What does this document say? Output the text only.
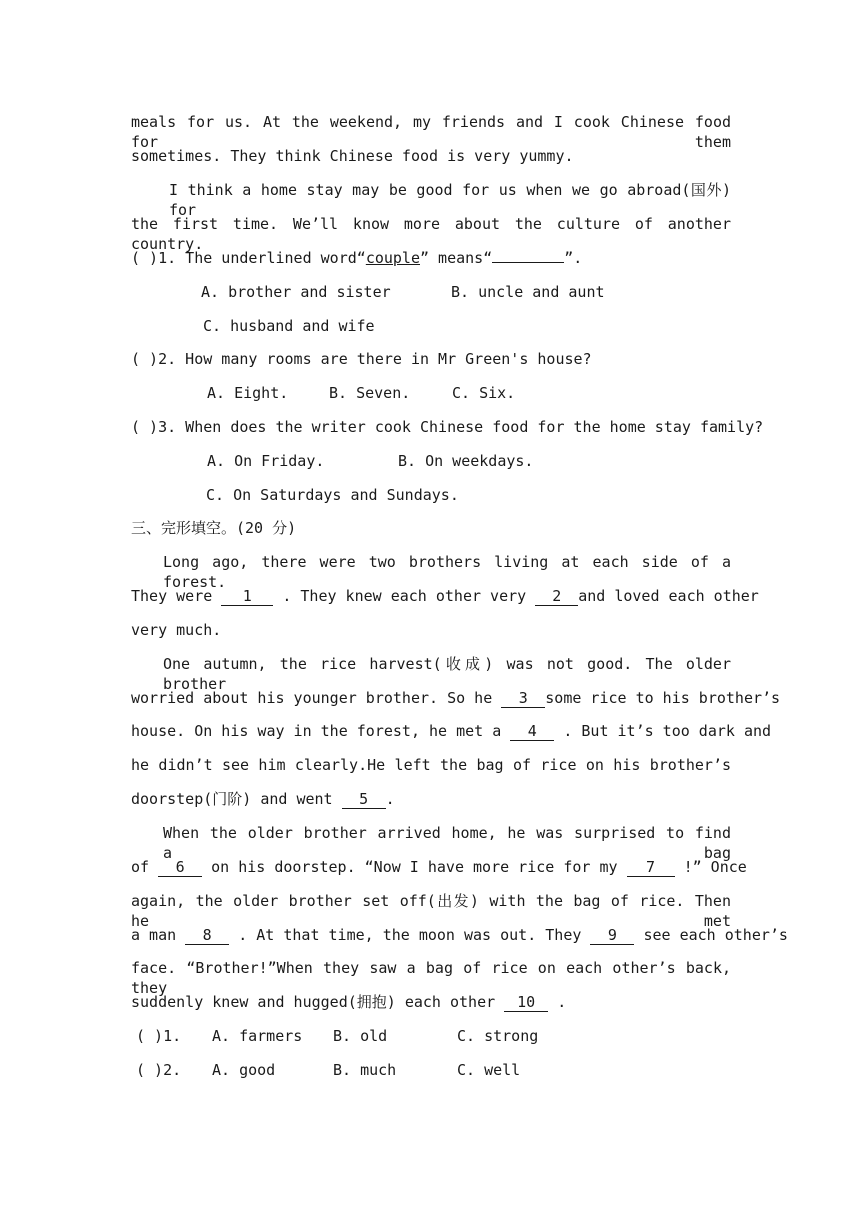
meals for us. At the weekend, my friends and I cook Chinese food for them
sometimes. They think Chinese food is very yummy.
I think a home stay may be good for us when we go abroad(国外) for
the first time. We’ll know more about the culture of another country.
( )1. The underlined word“couple” means“	”.
A. brother and sister	B. uncle and aunt
C. husband and wife
( )2. How many rooms are there in Mr Green's house?
A. Eight.	B. Seven.	C. Six.
( )3. When does the writer cook Chinese food for the home stay family?
A. On Friday.	B. On weekdays.
C. On Saturdays and Sundays.
三、完形填空。(20 分)
Long ago, there were two brothers living at each side of a forest.
They were 1 . They knew each other very 2 and loved each other
very much.
One autumn, the rice harvest(收成) was not good. The older brother
worried about his younger brother. So he 3 some rice to his brother’s
house. On his way in the forest, he met a 4 . But it’s too dark and
he didn’t see him clearly.He left the bag of rice on his brother’s
doorstep(门阶) and went 5 .
When the older brother arrived home, he was surprised to find a bag
of 6 on his doorstep. “Now I have more rice for my 7 !” Once
again, the older brother set off(出发) with the bag of rice. Then he met
a man 8 . At that time, the moon was out. They 9 see each other’s
face. “Brother!”When they saw a bag of rice on each other’s back, they
suddenly knew and hugged(拥抱) each other 10 .
( )1.	A. farmers	B. old	C. strong
( )2.	A. good	B. much	C. well
